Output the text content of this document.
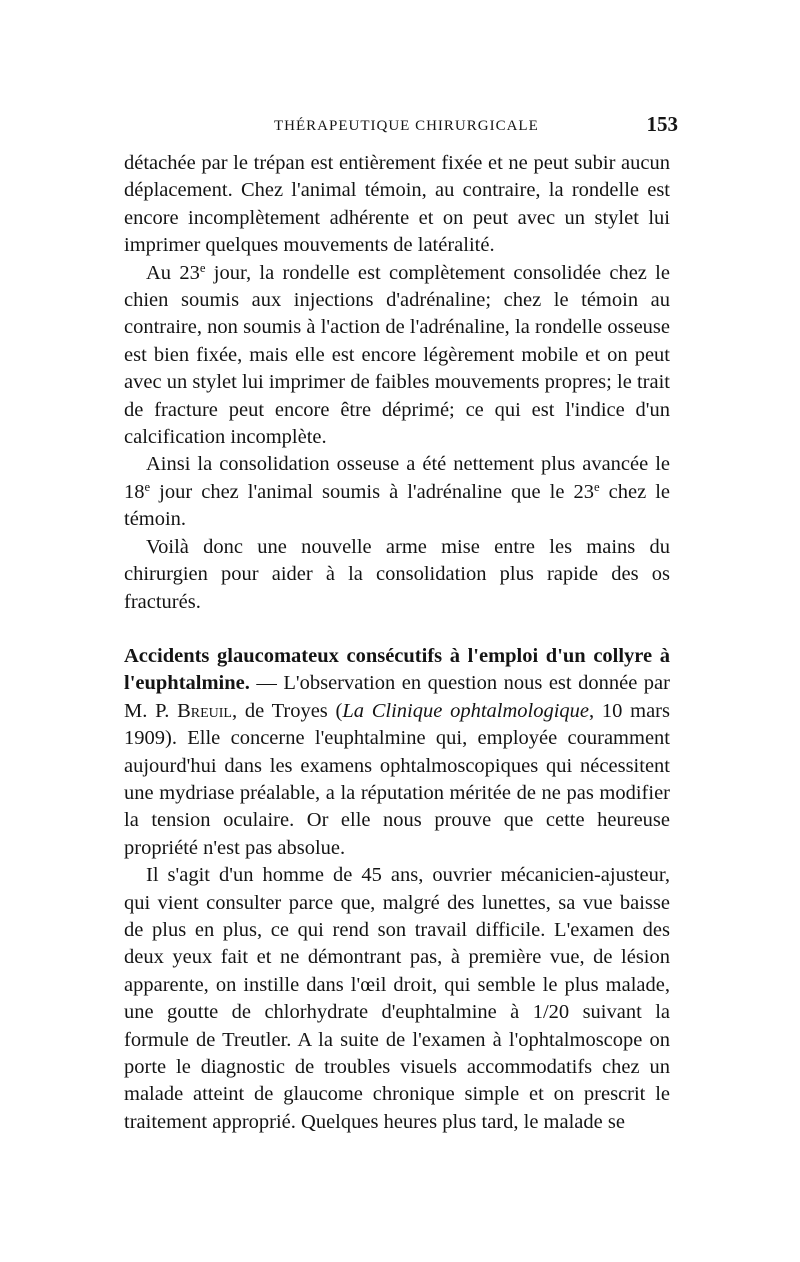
THÉRAPEUTIQUE CHIRURGICALE	153

détachée par le trépan est entièrement fixée et ne peut subir aucun déplacement. Chez l'animal témoin, au contraire, la rondelle est encore incomplètement adhérente et on peut avec un stylet lui imprimer quelques mouvements de latéralité.

Au 23e jour, la rondelle est complètement consolidée chez le chien soumis aux injections d'adrénaline; chez le témoin au contraire, non soumis à l'action de l'adrénaline, la rondelle osseuse est bien fixée, mais elle est encore légèrement mobile et on peut avec un stylet lui imprimer de faibles mouvements propres; le trait de fracture peut encore être déprimé; ce qui est l'indice d'un calcification incomplète.

Ainsi la consolidation osseuse a été nettement plus avancée le 18e jour chez l'animal soumis à l'adrénaline que le 23e chez le témoin.

Voilà donc une nouvelle arme mise entre les mains du chirurgien pour aider à la consolidation plus rapide des os fracturés.

Accidents glaucomateux consécutifs à l'emploi d'un collyre à l'euphtalmine. — L'observation en question nous est donnée par M. P. Breuil, de Troyes (La Clinique ophtalmologique, 10 mars 1909). Elle concerne l'euphtalmine qui, employée couramment aujourd'hui dans les examens ophtalmoscopiques qui nécessitent une mydriase préalable, a la réputation méritée de ne pas modifier la tension oculaire. Or elle nous prouve que cette heureuse propriété n'est pas absolue.

Il s'agit d'un homme de 45 ans, ouvrier mécanicien-ajusteur, qui vient consulter parce que, malgré des lunettes, sa vue baisse de plus en plus, ce qui rend son travail difficile. L'examen des deux yeux fait et ne démontrant pas, à première vue, de lésion apparente, on instille dans l'œil droit, qui semble le plus malade, une goutte de chlorhydrate d'euphtalmine à 1/20 suivant la formule de Treutler. A la suite de l'examen à l'ophtalmoscope on porte le diagnostic de troubles visuels accommodatifs chez un malade atteint de glaucome chronique simple et on prescrit le traitement approprié. Quelques heures plus tard, le malade se
